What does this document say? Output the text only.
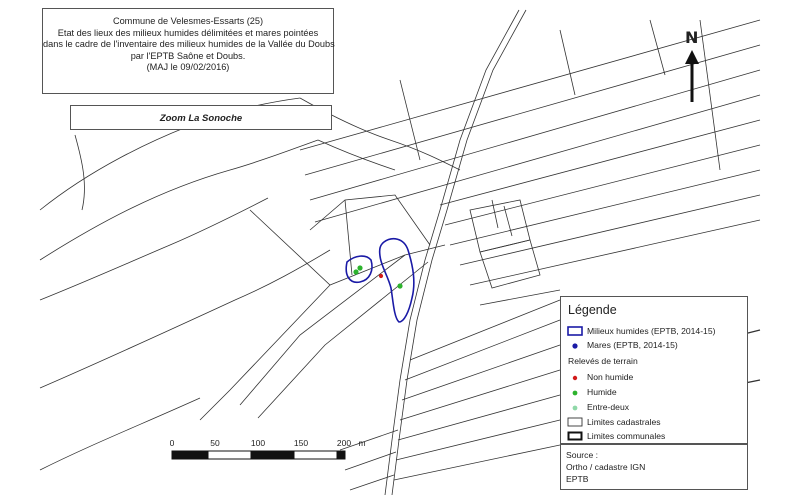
Commune de Velesmes-Essarts (25)
Etat des lieux des milieux humides délimitées et mares pointées
dans le cadre de l'inventaire des milieux humides de la Vallée du Doubs
par l'EPTB Saône et Doubs.
(MAJ le 09/02/2016)
Zoom La Sonoche
N
Légende
Milieux humides (EPTB, 2014-15)
Mares (EPTB, 2014-15)
Relevés de terrain
Non humide
Humide
Entre-deux
Limites cadastrales
Limites communales
Source :
Ortho / cadastre IGN
EPTB
0	50	100	150	200 m
